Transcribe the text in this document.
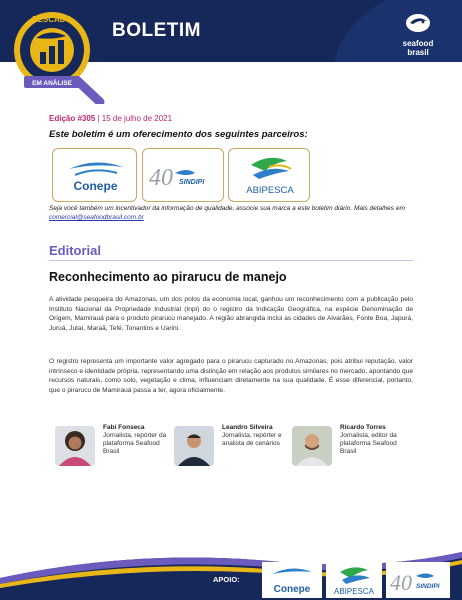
BOLETIM
seafood
brasil
PESCADO
EM ANÁLISE
Edição #305 | 15 de julho de 2021
Este boletim é um oferecimento dos seguintes parceiros:
Conepe 40 SINDIPI
ABIPESCA
Seja você também um incentivador da informação de qualidade, associe sua marca a este boletim diário. Mais detalhes em comercial@seafoodbrasil.com.br
Editorial
Reconhecimento ao pirarucu de manejo

A atividade pesqueira do Amazonas, um dos polos da economia local, ganhou um reconhecimento com a publicação pelo Instituto Nacional da Propriedade Industrial (Inpi) do o registro da Indicação Geográfica, na espécie Denominação de Origem, Mamirauá para o produto pirarucu manejado. A região abrangida inclui as cidades de Alvarães, Fonte Boa, Japurá, Juruá, Jutaí, Maraã, Tefé, Tonantins e Uarini.

O registro representa um importante valor agregado para o pirarucu capturado no Amazonas, pois atribui reputação, valor intrínseco e identidade própria, representando uma distinção em relação aos produtos similares no mercado, apontando que recursos naturais, como solo, vegetação e clima, influenciam diretamente na sua qualidade. É esse diferencial, portanto, que o pirarucu de Mamirauá passa a ter, agora oficialmente.

Fabi Fonseca
Jornalista, repórter da plataforma Seafood Brasil
Leandro Silveira
Jornalista, repórter e analista de cenários
Ricardo Torres
Jornalista, editor da plataforma Seafood Brasil
APOIO:
Conepe	ABIPESCA 40 SINDIPI
